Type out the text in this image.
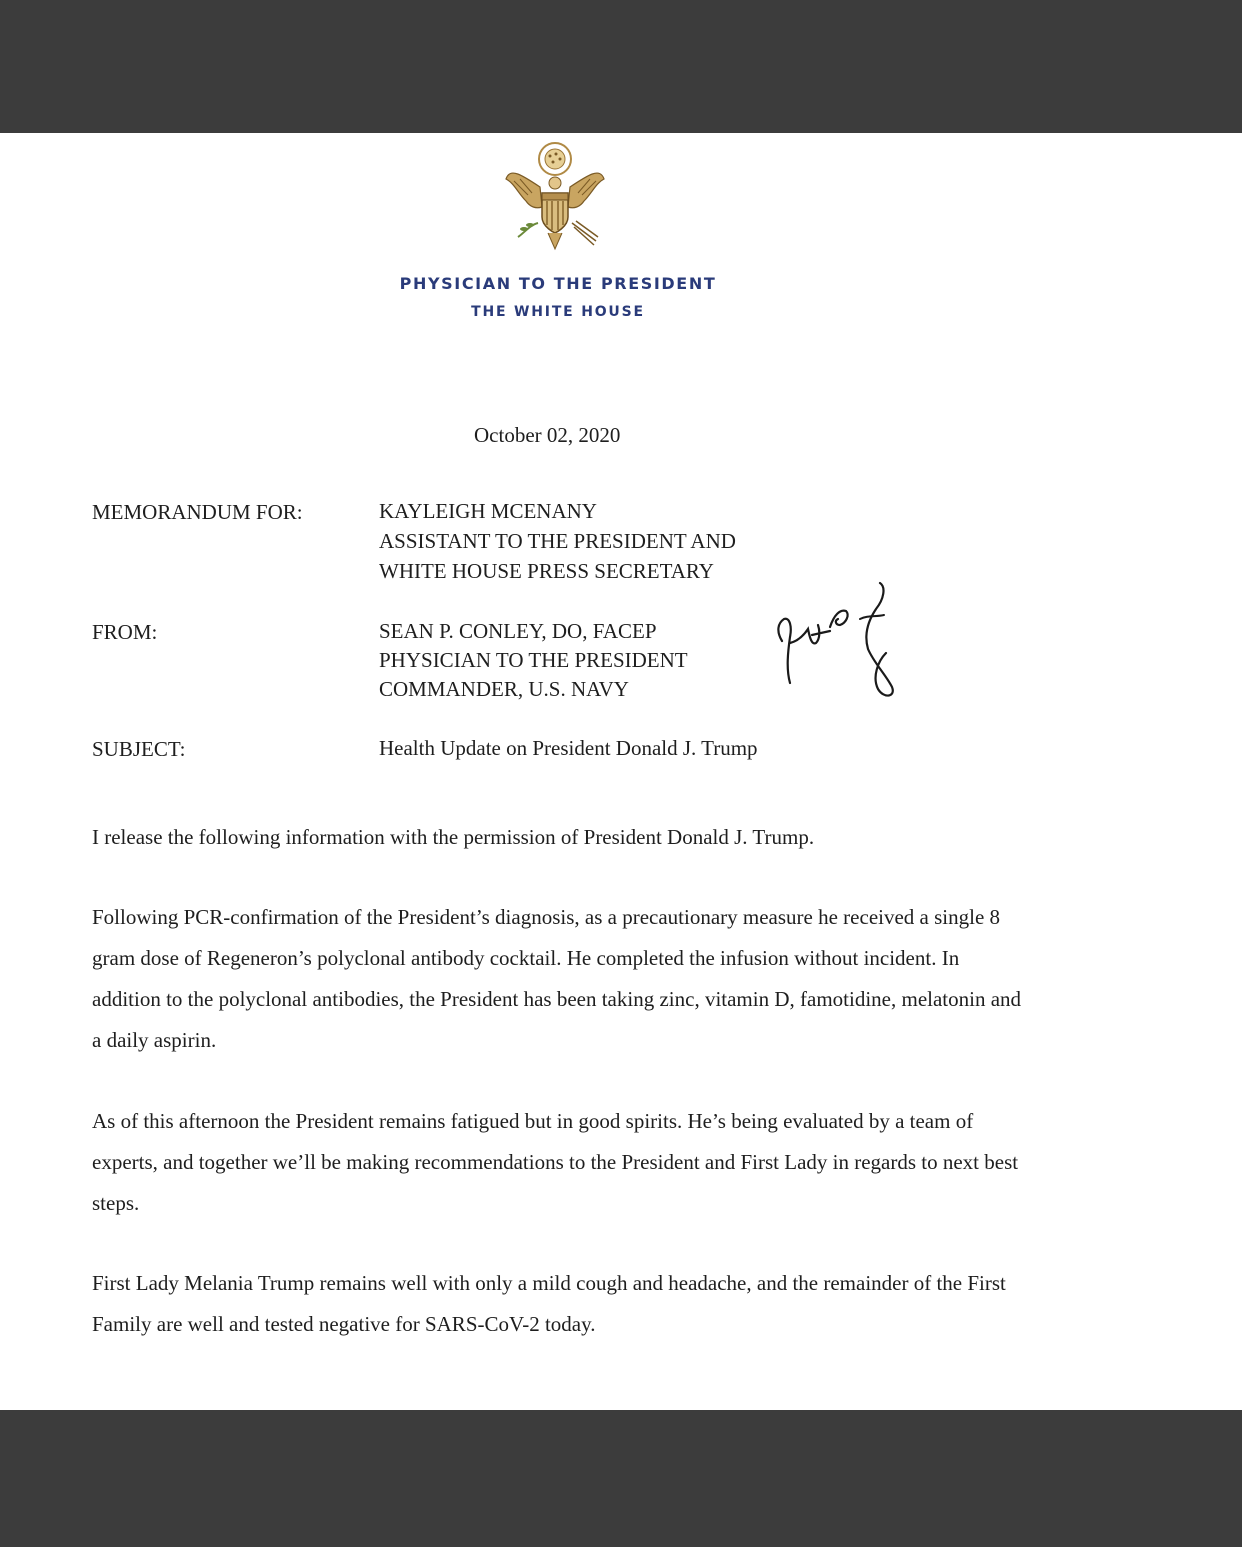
PHYSICIAN TO THE PRESIDENT
THE WHITE HOUSE
October 02, 2020
MEMORANDUM FOR:	KAYLEIGH MCENANY
ASSISTANT TO THE PRESIDENT AND
WHITE HOUSE PRESS SECRETARY
FROM:	SEAN P. CONLEY, DO, FACEP
PHYSICIAN TO THE PRESIDENT
COMMANDER, U.S. NAVY
SUBJECT:	Health Update on President Donald J. Trump
I release the following information with the permission of President Donald J. Trump.
Following PCR-confirmation of the President’s diagnosis, as a precautionary measure he received a single 8 gram dose of Regeneron’s polyclonal antibody cocktail. He completed the infusion without incident. In addition to the polyclonal antibodies, the President has been taking zinc, vitamin D, famotidine, melatonin and a daily aspirin.
As of this afternoon the President remains fatigued but in good spirits. He’s being evaluated by a team of experts, and together we’ll be making recommendations to the President and First Lady in regards to next best steps.
First Lady Melania Trump remains well with only a mild cough and headache, and the remainder of the First Family are well and tested negative for SARS-CoV-2 today.
